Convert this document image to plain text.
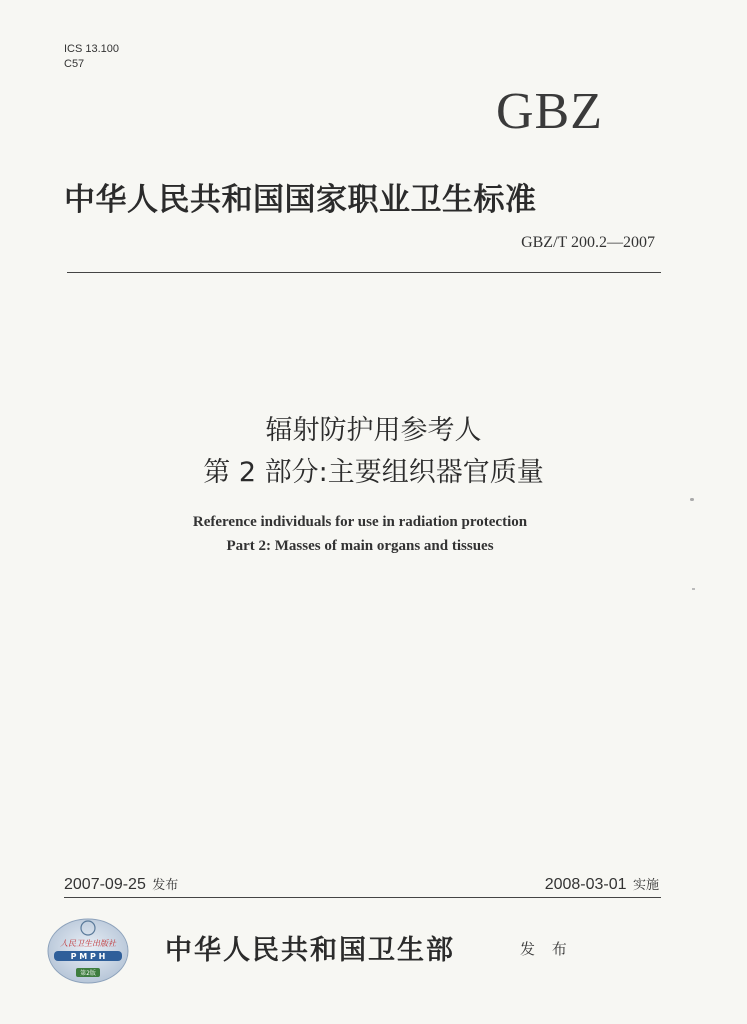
ICS 13.100
C57
GBZ
中华人民共和国国家职业卫生标准
GBZ/T 200.2—2007
辐射防护用参考人
第 2 部分:主要组织器官质量
Reference individuals for use in radiation protection
Part 2: Masses of main organs and tissues
2007-09-25 发布	2008-03-01 实施
人民卫生出版社
P M P H
第2版
中华人民共和国卫生部	发 布
